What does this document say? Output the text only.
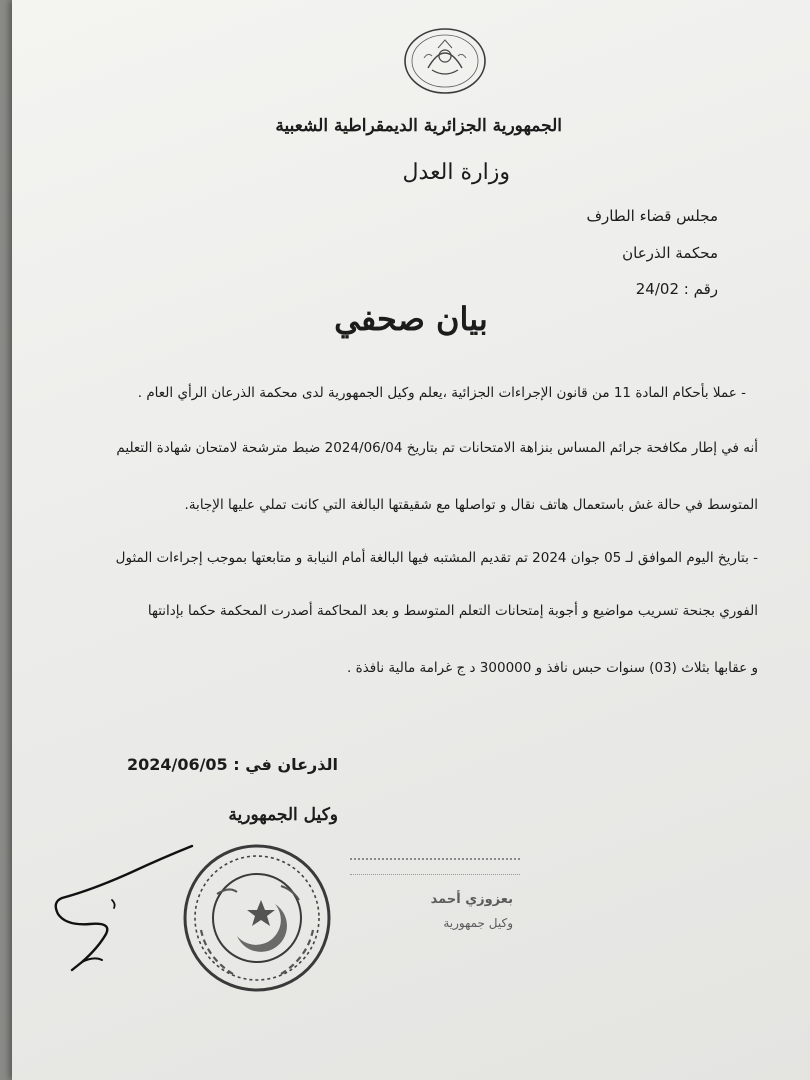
الجمهورية الجزائرية الديمقراطية الشعبية
وزارة العدل
مجلس قضاء الطارف
محكمة الذرعان
رقم : 24/02
بيان صحفي
- عملا بأحكام المادة 11 من قانون الإجراءات الجزائية ،يعلم وكيل الجمهورية لدى محكمة الذرعان الرأي العام .
أنه في إطار مكافحة جرائم المساس بنزاهة الامتحانات تم بتاريخ 2024/06/04 ضبط مترشحة لامتحان شهادة التعليم
المتوسط في حالة غش باستعمال هاتف نقال و تواصلها مع شقيقتها البالغة التي كانت تملي عليها الإجابة.
- بتاريخ اليوم الموافق لـ 05 جوان 2024 تم تقديم المشتبه فيها البالغة أمام النيابة و متابعتها بموجب إجراءات المثول
الفوري بجنحة تسريب مواضيع و أجوبة إمتحانات التعلم المتوسط و بعد المحاكمة أصدرت المحكمة حكما بإدانتها
و عقابها بثلاث (03) سنوات حبس نافذ و 300000 د ج غرامة مالية نافذة .
الذرعان في : 2024/06/05
وكيل الجمهورية
بعزوزي أحمد
وكيل جمهورية
